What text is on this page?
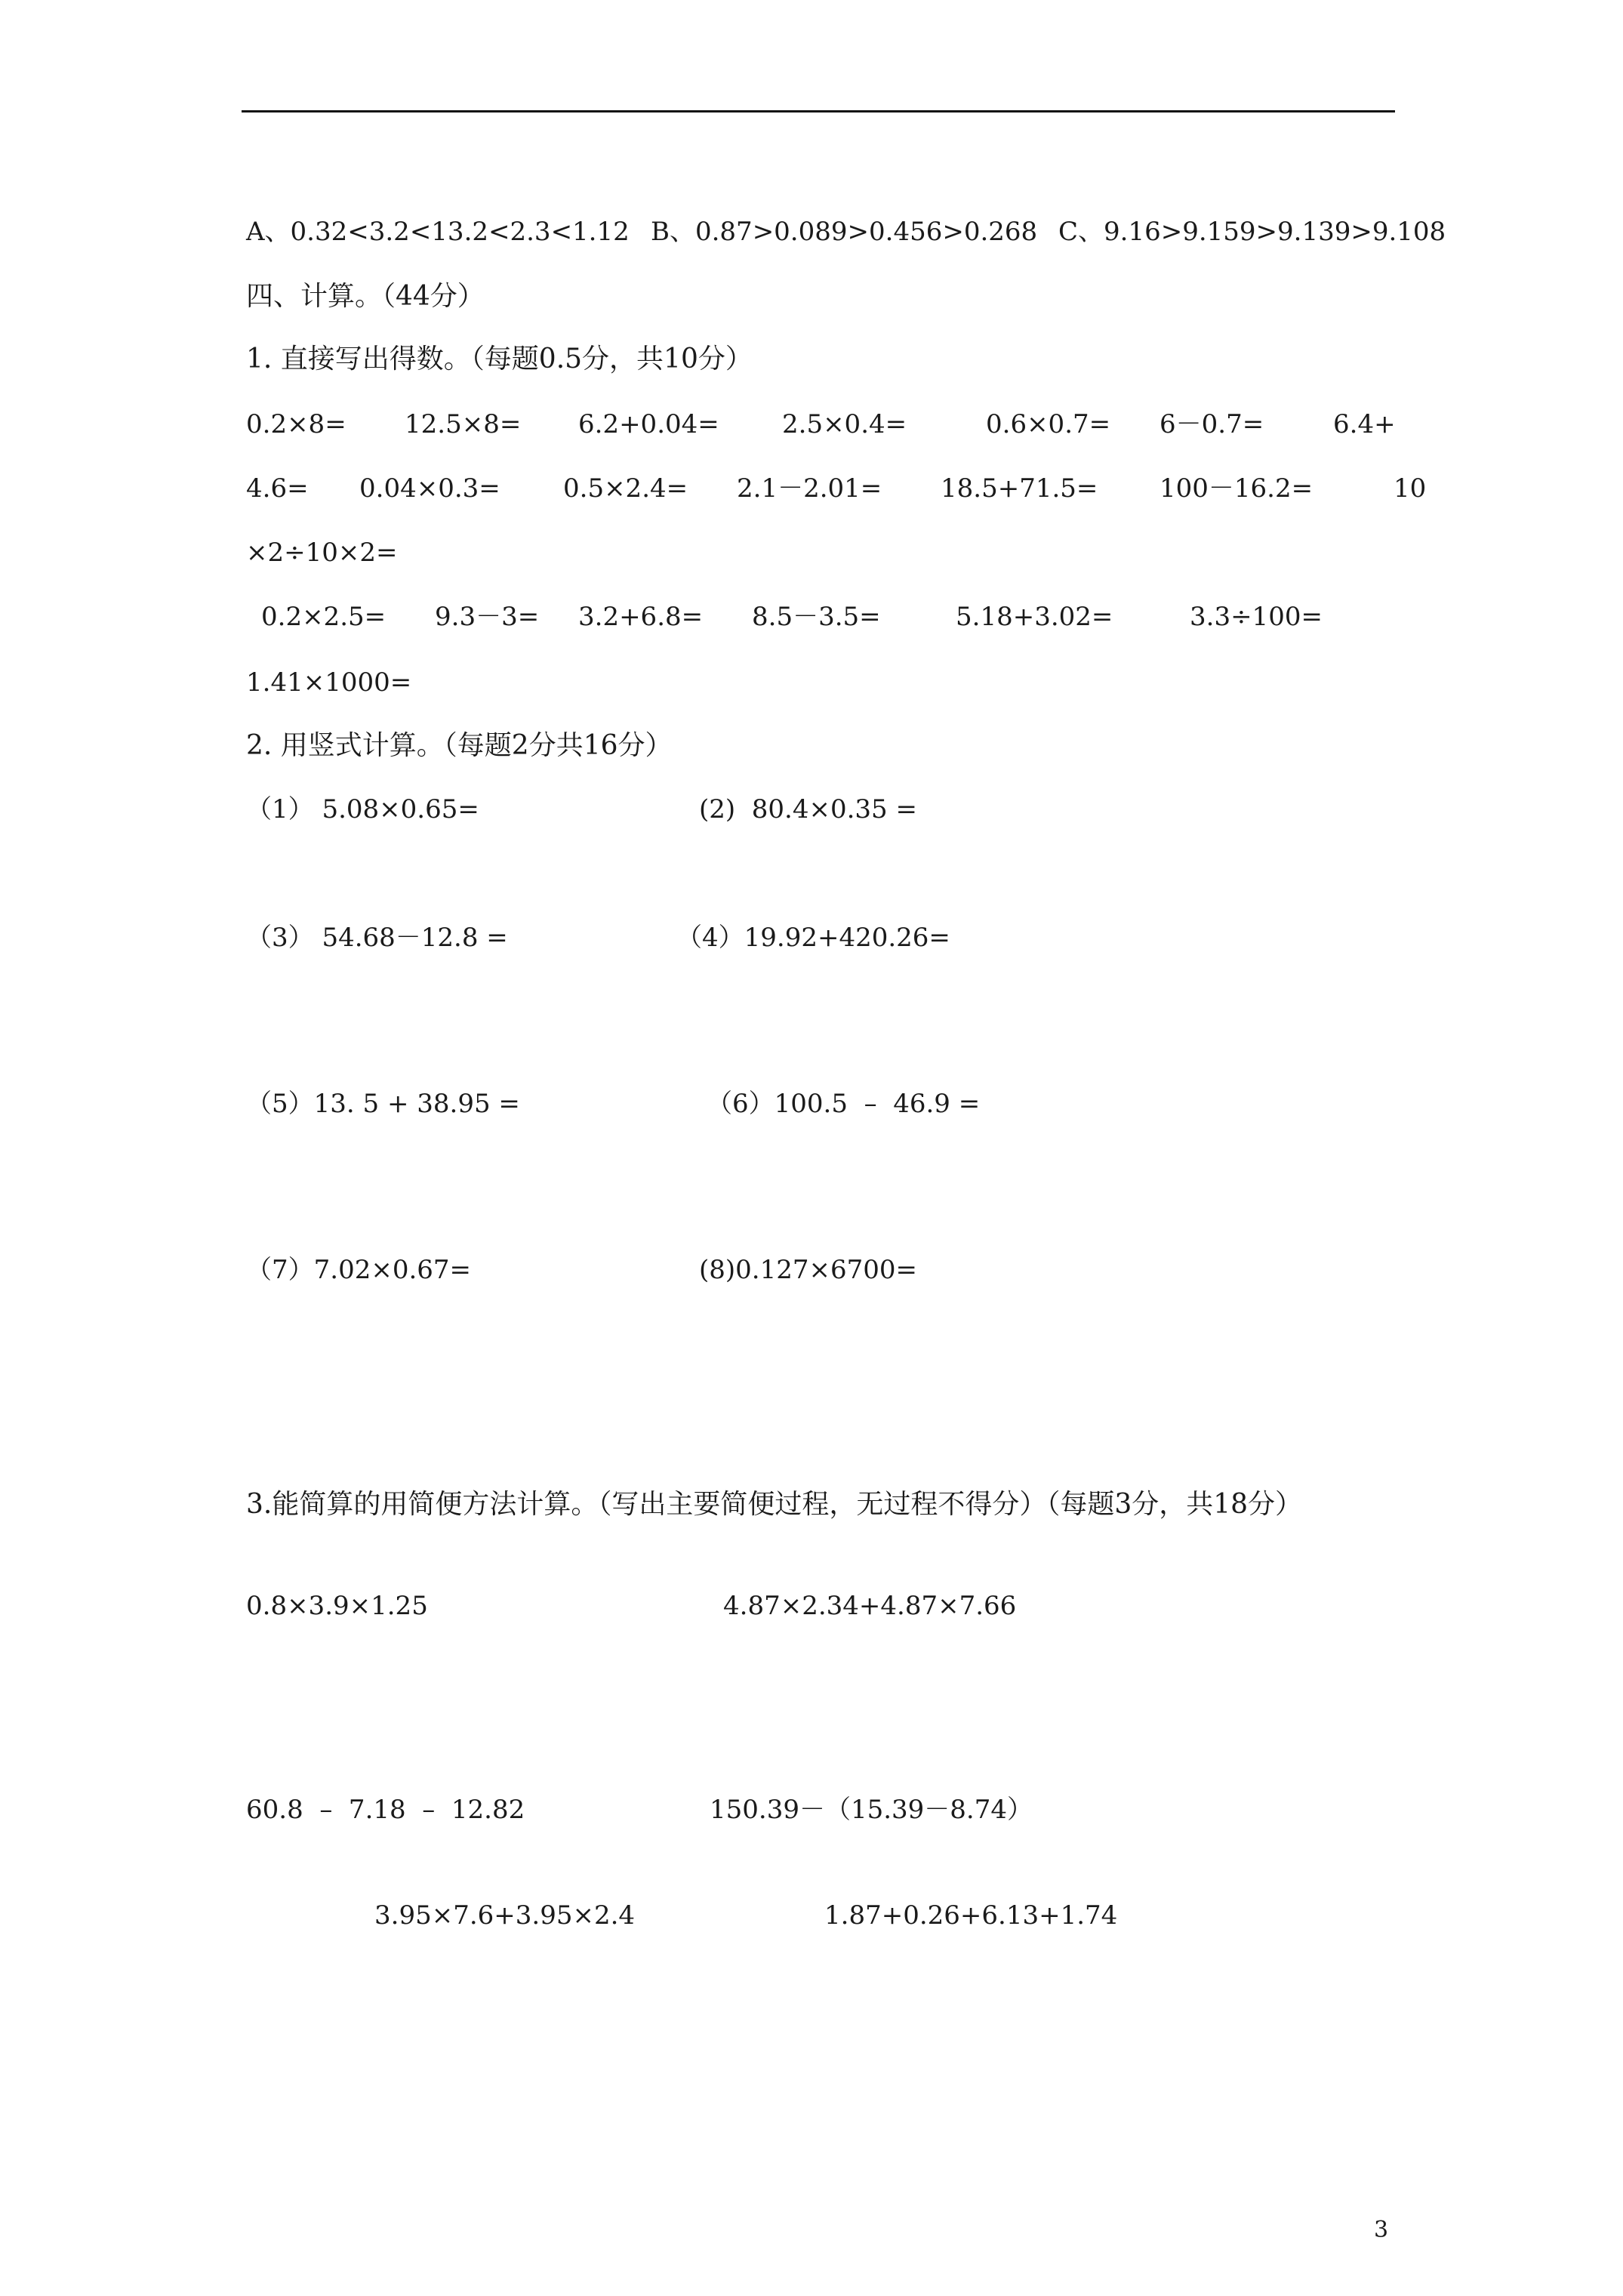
A、0.32<3.2<13.2<2.3<1.12 B、0.87>0.089>0.456>0.268 C、9.16>9.159>9.139>9.108
四、计算。（44分）
1. 直接写出得数。（每题0.5分，共10分）
0.2×8= 12.5×8= 6.2+0.04= 2.5×0.4=	0.6×0.7= 6－0.7=	6.4+
4.6= 0.04×0.3= 0.5×2.4= 2.1－2.01= 18.5+71.5= 100－16.2=	10
×2÷10×2=
0.2×2.5= 9.3－3= 3.2+6.8= 8.5－3.5=	5.18+3.02=	3.3÷100=
1.41×1000=
2. 用竖式计算。（每题2分共16分）
（1） 5.08×0.65=	(2)  80.4×0.35 =
（3） 54.68－12.8 =	（4）19.92+420.26=
（5）13. 5 + 38.95 =	（6）100.5  –  46.9 =
（7）7.02×0.67=	(8)0.127×6700=
3.能简算的用简便方法计算。（写出主要简便过程，无过程不得分）（每题3分，共18分）
0.8×3.9×1.25	4.87×2.34+4.87×7.66
60.8  –  7.18  –  12.82	150.39－（15.39－8.74）
3.95×7.6+3.95×2.4	1.87+0.26+6.13+1.74
3
